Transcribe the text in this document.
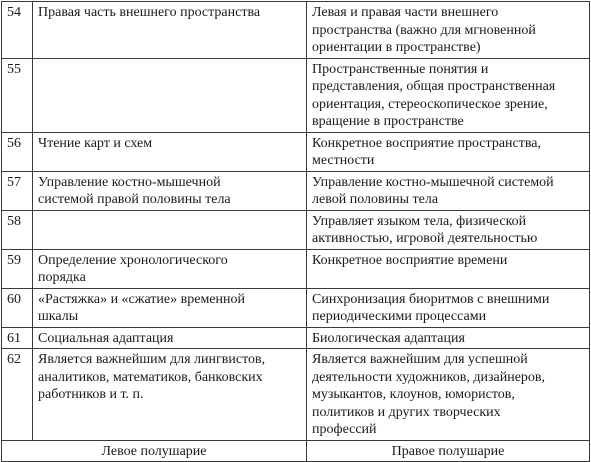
54	Правая часть внешнего пространства	Левая и правая части внешнего
пространства (важно для мгновенной
ориентации в пространстве)
55		Пространственные понятия и
представления, общая пространственная
ориентация, стереоскопическое зрение,
вращение в пространстве
56	Чтение карт и схем	Конкретное восприятие пространства,
местности
57	Управление костно-мышечной
системой правой половины тела	Управление костно-мышечной системой
левой половины тела
58		Управляет языком тела, физической
активностью, игровой деятельностью
59	Определение хронологического
порядка	Конкретное восприятие времени
60	«Растяжка» и «сжатие» временной
шкалы	Синхронизация биоритмов с внешними
периодическими процессами
61	Социальная адаптация	Биологическая адаптация
62	Является важнейшим для лингвистов,
аналитиков, математиков, банковских
работников и т. п.	Является важнейшим для успешной
деятельности художников, дизайнеров,
музыкантов, клоунов, юмористов,
политиков и других творческих
профессий
Левое полушарие		Правое полушарие
